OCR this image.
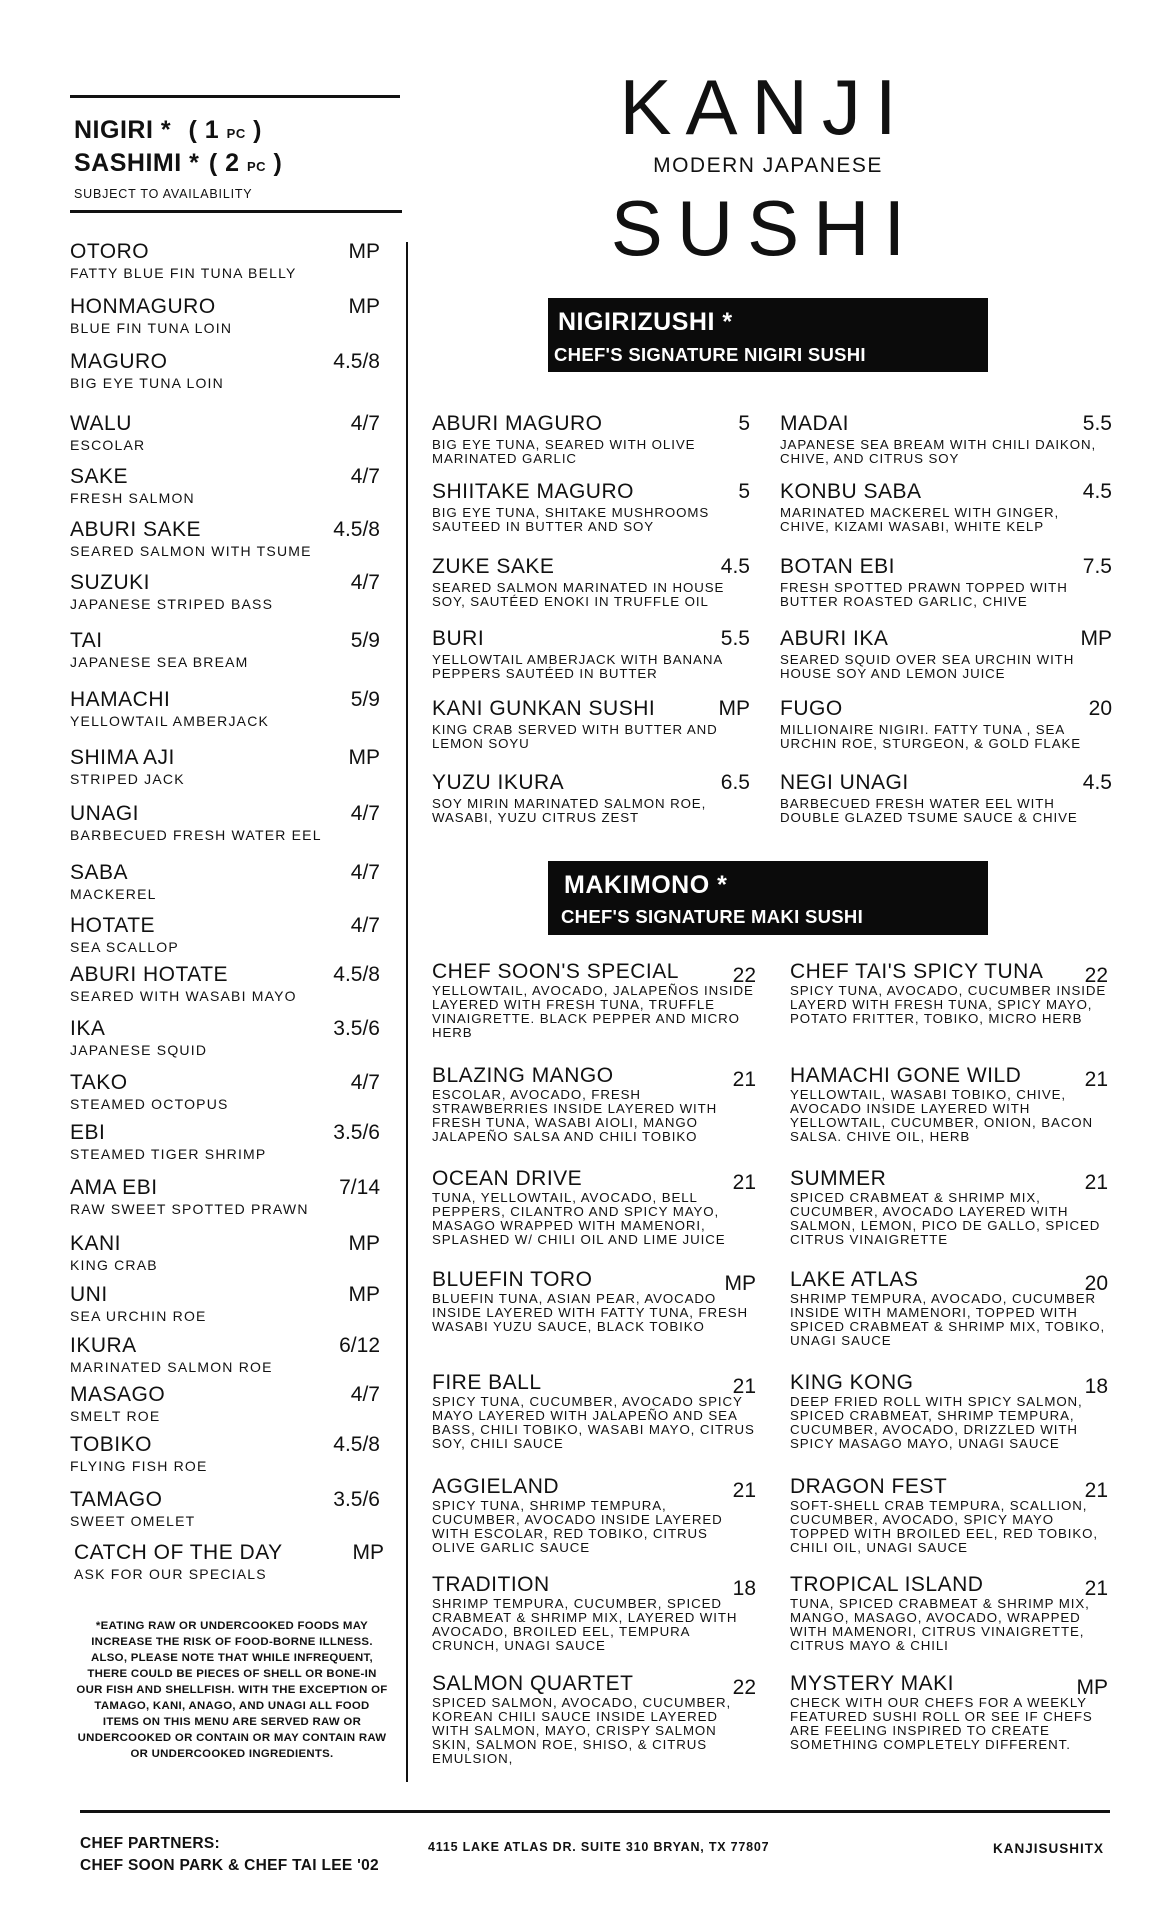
NIGIRI * ( 1 PC )
SASHIMI * ( 2 PC )
SUBJECT TO AVAILABILITY
OTORO
FATTY BLUE FIN TUNA BELLY
MP
HONMAGURO
BLUE FIN TUNA LOIN
MP
MAGURO
BIG EYE TUNA LOIN
4.5/8
WALU
ESCOLAR
4/7
SAKE
FRESH SALMON
4/7
ABURI SAKE
SEARED SALMON WITH TSUME
4.5/8
SUZUKI
JAPANESE STRIPED BASS
4/7
TAI
JAPANESE SEA BREAM
5/9
HAMACHI
YELLOWTAIL AMBERJACK
5/9
SHIMA AJI
STRIPED JACK
MP
UNAGI
BARBECUED FRESH WATER EEL
4/7
SABA
MACKEREL
4/7
HOTATE
SEA SCALLOP
4/7
ABURI HOTATE
SEARED WITH WASABI MAYO
4.5/8
IKA
JAPANESE SQUID
3.5/6
TAKO
STEAMED OCTOPUS
4/7
EBI
STEAMED TIGER SHRIMP
3.5/6
AMA EBI
RAW SWEET SPOTTED PRAWN
7/14
KANI
KING CRAB
MP
UNI
SEA URCHIN ROE
MP
IKURA
MARINATED SALMON ROE
6/12
MASAGO
SMELT ROE
4/7
TOBIKO
FLYING FISH ROE
4.5/8
TAMAGO
SWEET OMELET
3.5/6
CATCH OF THE DAY
ASK FOR OUR SPECIALS
MP
*EATING RAW OR UNDERCOOKED FOODS MAY INCREASE THE RISK OF FOOD-BORNE ILLNESS. ALSO, PLEASE NOTE THAT WHILE INFREQUENT, THERE COULD BE PIECES OF SHELL OR BONE-IN OUR FISH AND SHELLFISH. WITH THE EXCEPTION OF TAMAGO, KANI, ANAGO, AND UNAGI ALL FOOD ITEMS ON THIS MENU ARE SERVED RAW OR UNDERCOOKED OR CONTAIN OR MAY CONTAIN RAW OR UNDERCOOKED INGREDIENTS.
KANJI
MODERN JAPANESE
SUSHI
NIGIRIZUSHI *
CHEF'S SIGNATURE NIGIRI SUSHI
ABURI MAGURO
BIG EYE TUNA, SEARED WITH OLIVE MARINATED GARLIC
5 MADAI
JAPANESE SEA BREAM WITH CHILI DAIKON, CHIVE, AND CITRUS SOY
5.5
SHIITAKE MAGURO
BIG EYE TUNA, SHITAKE MUSHROOMS SAUTEED IN BUTTER AND SOY
5 KONBU SABA
MARINATED MACKEREL WITH GINGER, CHIVE, KIZAMI WASABI, WHITE KELP
4.5
ZUKE SAKE
SEARED SALMON MARINATED IN HOUSE SOY, SAUTÉED ENOKI IN TRUFFLE OIL
4.5 BOTAN EBI
FRESH SPOTTED PRAWN TOPPED WITH BUTTER ROASTED GARLIC, CHIVE
7.5
BURI
YELLOWTAIL AMBERJACK WITH BANANA PEPPERS SAUTÉED IN BUTTER
5.5 ABURI IKA
SEARED SQUID OVER SEA URCHIN WITH HOUSE SOY AND LEMON JUICE
MP
KANI GUNKAN SUSHI
KING CRAB SERVED WITH BUTTER AND LEMON SOYU
MP FUGO
MILLIONAIRE NIGIRI. FATTY TUNA , SEA URCHIN ROE, STURGEON, & GOLD FLAKE
20
YUZU IKURA
SOY MIRIN MARINATED SALMON ROE, WASABI, YUZU CITRUS ZEST
6.5 NEGI UNAGI
BARBECUED FRESH WATER EEL WITH DOUBLE GLAZED TSUME SAUCE & CHIVE
4.5
MAKIMONO *
CHEF'S SIGNATURE MAKI SUSHI
CHEF SOON'S SPECIAL
YELLOWTAIL, AVOCADO, JALAPEÑOS INSIDE LAYERED WITH FRESH TUNA, TRUFFLE VINAIGRETTE. BLACK PEPPER AND MICRO HERB
22 CHEF TAI'S SPICY TUNA
SPICY TUNA, AVOCADO, CUCUMBER INSIDE LAYERD WITH FRESH TUNA, SPICY MAYO, POTATO FRITTER, TOBIKO, MICRO HERB
22
BLAZING MANGO
ESCOLAR, AVOCADO, FRESH STRAWBERRIES INSIDE LAYERED WITH FRESH TUNA, WASABI AIOLI, MANGO JALAPEÑO SALSA AND CHILI TOBIKO
21 HAMACHI GONE WILD
YELLOWTAIL, WASABI TOBIKO, CHIVE, AVOCADO INSIDE LAYERED WITH YELLOWTAIL, CUCUMBER, ONION, BACON SALSA. CHIVE OIL, HERB
21
OCEAN DRIVE
TUNA, YELLOWTAIL, AVOCADO, BELL PEPPERS, CILANTRO AND SPICY MAYO, MASAGO WRAPPED WITH MAMENORI, SPLASHED W/ CHILI OIL AND LIME JUICE
21 SUMMER
SPICED CRABMEAT & SHRIMP MIX, CUCUMBER, AVOCADO LAYERED WITH SALMON, LEMON, PICO DE GALLO, SPICED CITRUS VINAIGRETTE
21
BLUEFIN TORO
BLUEFIN TUNA, ASIAN PEAR, AVOCADO INSIDE LAYERED WITH FATTY TUNA, FRESH WASABI YUZU SAUCE, BLACK TOBIKO
MP LAKE ATLAS
SHRIMP TEMPURA, AVOCADO, CUCUMBER INSIDE WITH MAMENORI, TOPPED WITH SPICED CRABMEAT & SHRIMP MIX, TOBIKO, UNAGI SAUCE
20
FIRE BALL
SPICY TUNA, CUCUMBER, AVOCADO SPICY MAYO LAYERED WITH JALAPEÑO AND SEA BASS, CHILI TOBIKO, WASABI MAYO, CITRUS SOY, CHILI SAUCE
21 KING KONG
DEEP FRIED ROLL WITH SPICY SALMON, SPICED CRABMEAT, SHRIMP TEMPURA, CUCUMBER, AVOCADO, DRIZZLED WITH SPICY MASAGO MAYO, UNAGI SAUCE
18
AGGIELAND
SPICY TUNA, SHRIMP TEMPURA, CUCUMBER, AVOCADO INSIDE LAYERED WITH ESCOLAR, RED TOBIKO, CITRUS OLIVE GARLIC SAUCE
21 DRAGON FEST
SOFT-SHELL CRAB TEMPURA, SCALLION, CUCUMBER, AVOCADO, SPICY MAYO TOPPED WITH BROILED EEL, RED TOBIKO, CHILI OIL, UNAGI SAUCE
21
TRADITION
SHRIMP TEMPURA, CUCUMBER, SPICED CRABMEAT & SHRIMP MIX, LAYERED WITH AVOCADO, BROILED EEL, TEMPURA CRUNCH, UNAGI SAUCE
18 TROPICAL ISLAND
TUNA, SPICED CRABMEAT & SHRIMP MIX, MANGO, MASAGO, AVOCADO, WRAPPED WITH MAMENORI, CITRUS VINAIGRETTE, CITRUS MAYO & CHILI
21
SALMON QUARTET
SPICED SALMON, AVOCADO, CUCUMBER, KOREAN CHILI SAUCE INSIDE LAYERED WITH SALMON, MAYO, CRISPY SALMON SKIN, SALMON ROE, SHISO, & CITRUS EMULSION,
22 MYSTERY MAKI
CHECK WITH OUR CHEFS FOR A WEEKLY FEATURED SUSHI ROLL OR SEE IF CHEFS ARE FEELING INSPIRED TO CREATE SOMETHING COMPLETELY DIFFERENT.
MP
CHEF PARTNERS:
CHEF SOON PARK & CHEF TAI LEE '02
4115 LAKE ATLAS DR. SUITE 310 BRYAN, TX 77807	KANJISUSHITX
